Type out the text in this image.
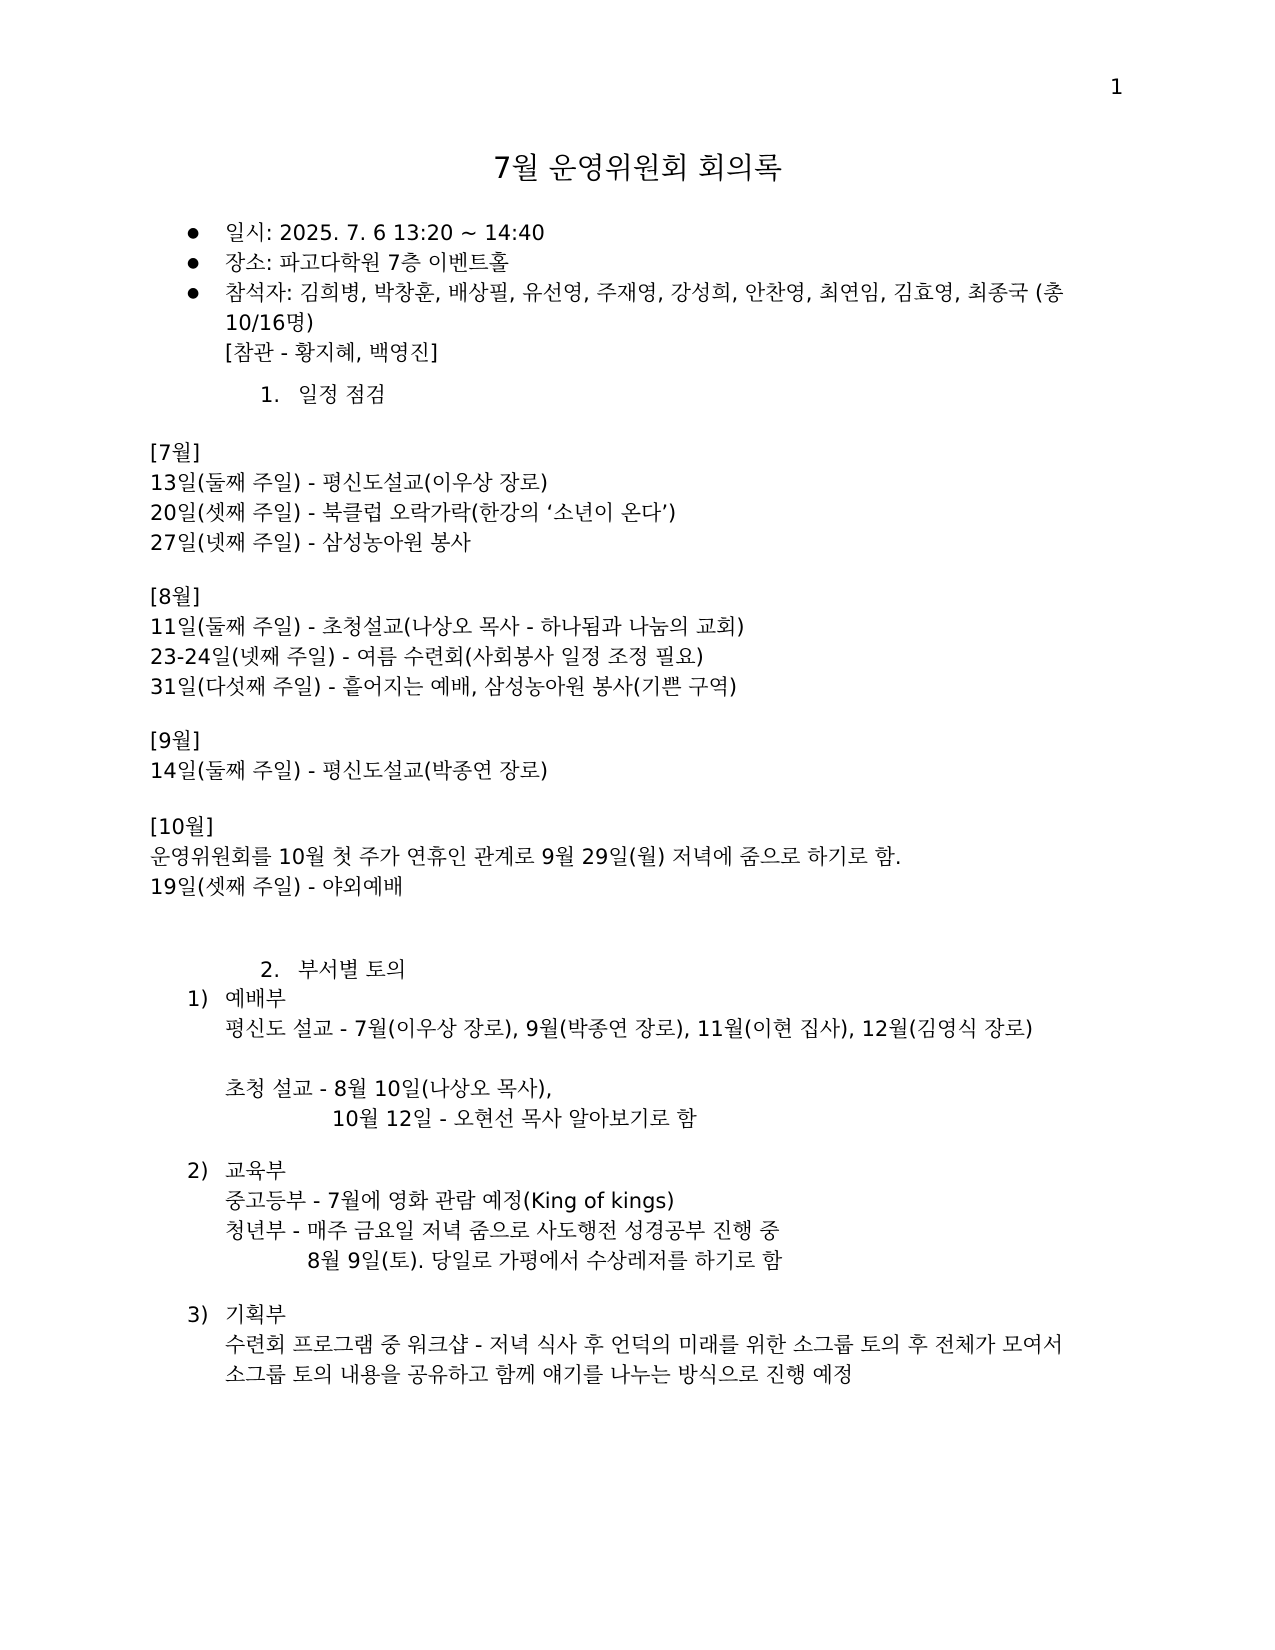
1
7월 운영위원회 회의록
● 일시: 2025. 7. 6 13:20 ~ 14:40
● 장소: 파고다학원 7층 이벤트홀
● 참석자: 김희병, 박창훈, 배상필, 유선영, 주재영, 강성희, 안찬영, 최연임, 김효영, 최종국 (총 10/16명)
[참관 - 황지혜, 백영진]
1. 일정 점검
[7월]
13일(둘째 주일) - 평신도설교(이우상 장로)
20일(셋째 주일) - 북클럽 오락가락(한강의 ‘소년이 온다’)
27일(넷째 주일) - 삼성농아원 봉사
[8월]
11일(둘째 주일) - 초청설교(나상오 목사 - 하나됨과 나눔의 교회)
23-24일(넷째 주일) - 여름 수련회(사회봉사 일정 조정 필요)
31일(다섯째 주일) - 흩어지는 예배, 삼성농아원 봉사(기쁜 구역)
[9월]
14일(둘째 주일) - 평신도설교(박종연 장로)
[10월]
운영위원회를 10월 첫 주가 연휴인 관계로 9월 29일(월) 저녁에 줌으로 하기로 함.
19일(셋째 주일) - 야외예배
2. 부서별 토의
1) 예배부
평신도 설교 - 7월(이우상 장로), 9월(박종연 장로), 11월(이현 집사), 12월(김영식 장로)
초청 설교 - 8월 10일(나상오 목사),
10월 12일 - 오현선 목사 알아보기로 함
2) 교육부
중고등부 - 7월에 영화 관람 예정(King of kings)
청년부 - 매주 금요일 저녁 줌으로 사도행전 성경공부 진행 중
8월 9일(토). 당일로 가평에서 수상레저를 하기로 함
3) 기획부
수련회 프로그램 중 워크샵 - 저녁 식사 후 언덕의 미래를 위한 소그룹 토의 후 전체가 모여서
소그룹 토의 내용을 공유하고 함께 얘기를 나누는 방식으로 진행 예정
